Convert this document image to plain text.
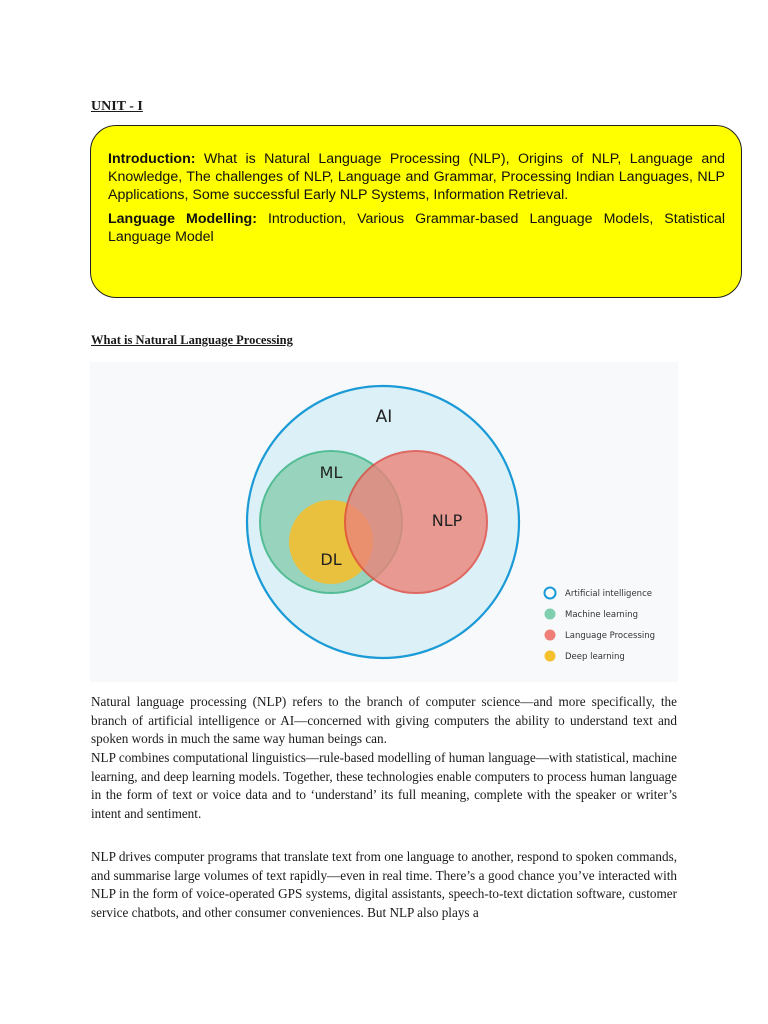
UNIT - I

Introduction: What is Natural Language Processing (NLP), Origins of NLP, Language and Knowledge, The challenges of NLP, Language and Grammar, Processing Indian Languages, NLP Applications, Some successful Early NLP Systems, Information Retrieval.

Language Modelling: Introduction, Various Grammar-based Language Models, Statistical Language Model

What is Natural Language Processing
AI
ML
NLP
DL
Artificial intelligence
Machine learning
Language Processing
Deep learning

Natural language processing (NLP) refers to the branch of computer science—and more specifically, the branch of artificial intelligence or AI—concerned with giving computers the ability to understand text and spoken words in much the same way human beings can.

NLP combines computational linguistics—rule-based modelling of human language—with statistical, machine learning, and deep learning models. Together, these technologies enable computers to process human language in the form of text or voice data and to ‘understand’ its full meaning, complete with the speaker or writer’s intent and sentiment.

NLP drives computer programs that translate text from one language to another, respond to spoken commands, and summarise large volumes of text rapidly—even in real time. There’s a good chance you’ve interacted with NLP in the form of voice-operated GPS systems, digital assistants, speech-to-text dictation software, customer service chatbots, and other consumer conveniences. But NLP also plays a
